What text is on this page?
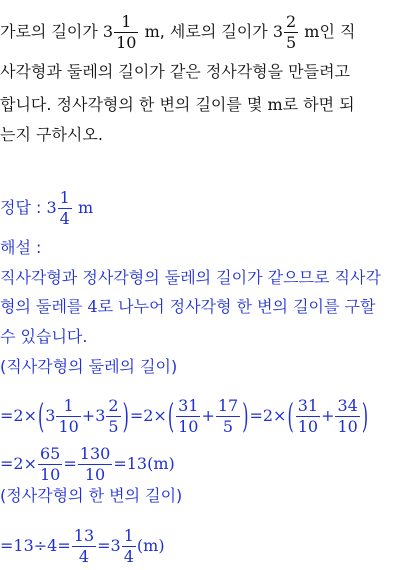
가로의 길이가 $3 \frac{1}{10} m$, 세로의 길이가 $3 \frac{2}{5}$ m인 직
사각형과 둘레의 길이가 같은 정사각형을 만들려고
합니다. 정사각형의 한 변의 길이를 몇 m로 하면 되
는지 구하시오.
정답 : $3 \frac{1}{4}$ m
해설 :
직사각형과 정사각형의 둘레의 길이가 같으므로 직사각
형의 둘레를 4로 나누어 정사각형 한 변의 길이를 구할
수 있습니다.
(직사각형의 둘레의 길이)
$=2\times(3 \frac{1}{10} +3 \frac{2}{5} )=2\times( \frac{31}{10} + \frac{17}{5} )=2\times( \frac{31}{10} + \frac{34}{10}$ )
$=2\times \frac{65}{10} = \frac{130}{10} =13(m)$
(정사각형의 한 변의 길이)
$=13\div 4= \frac{13}{4} =3 \frac{1}{4} (m)$
